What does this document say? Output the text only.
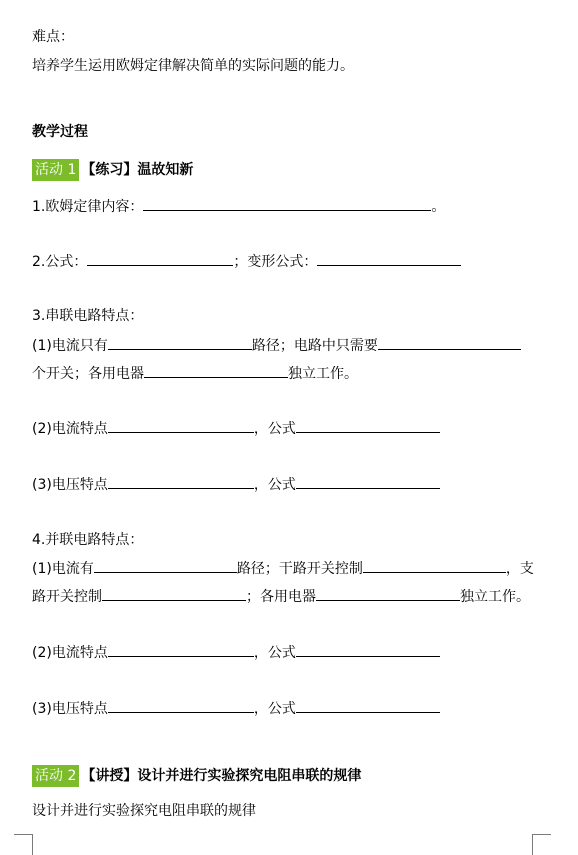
难点：
培养学生运用欧姆定律解决简单的实际问题的能力。
教学过程
活动 1 【练习】温故知新
1.欧姆定律内容：	。
2.公式：	；变形公式：
3.串联电路特点：
(1)电流只有	路径；电路中只需要
个开关；各用电器	独立工作。
(2)电流特点	，公式
(3)电压特点	，公式
4.并联电路特点：
(1)电流有	路径；干路开关控制	，支
路开关控制	；各用电器	独立工作。
(2)电流特点	，公式
(3)电压特点	，公式
活动 2 【讲授】设计并进行实验探究电阻串联的规律
设计并进行实验探究电阻串联的规律
